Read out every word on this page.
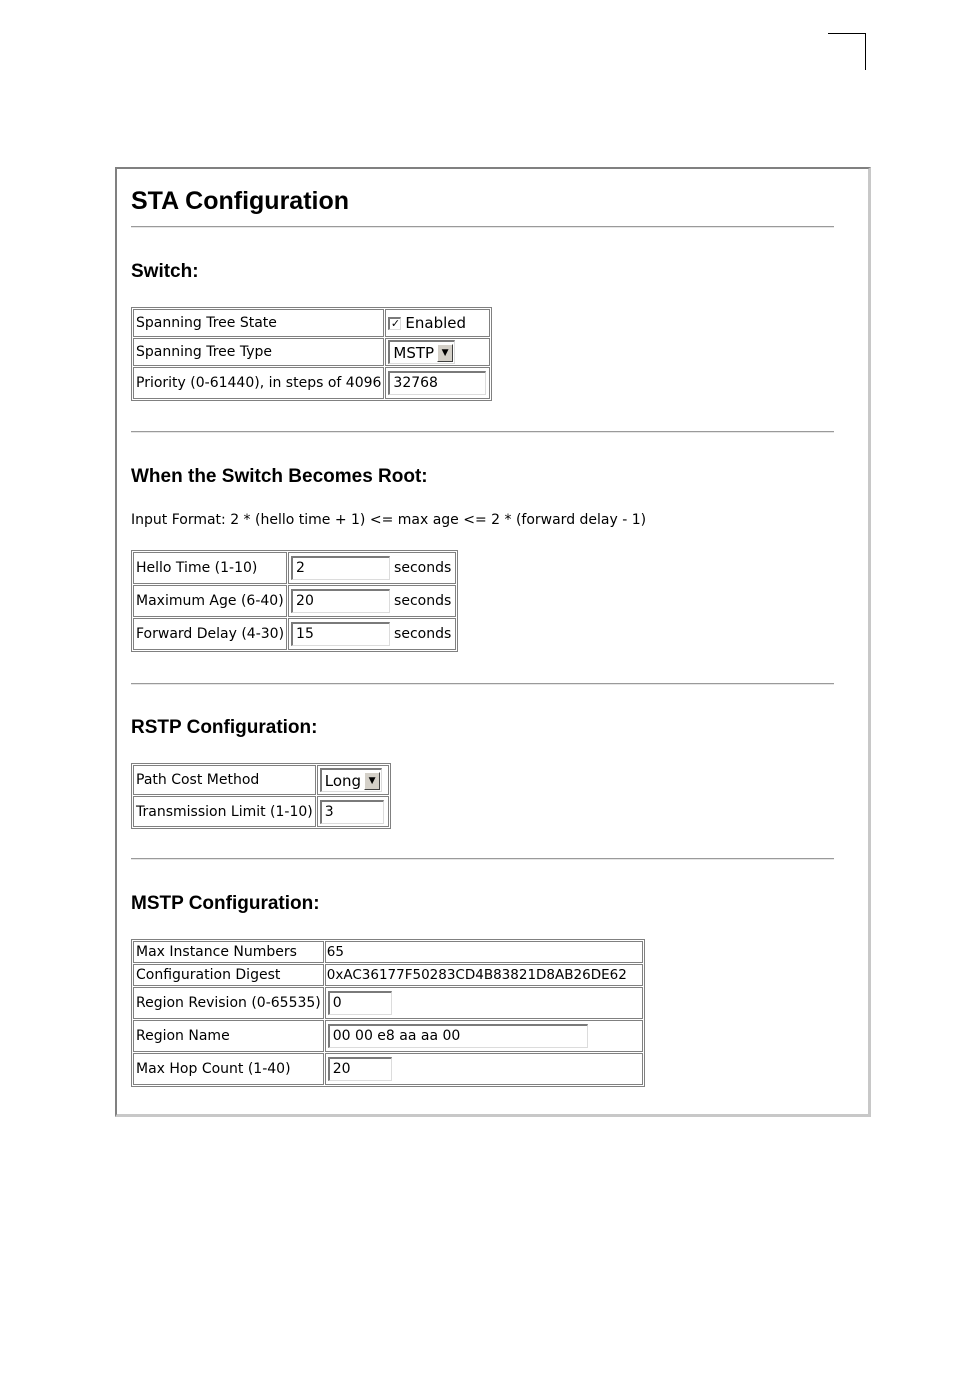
STA Configuration
Switch:
Spanning Tree State	✓ Enabled
Spanning Tree Type	MSTP ▼

Priority (0-61440), in steps of 4096	32768
When the Switch Becomes Root:
Input Format: 2 * (hello time + 1) <= max age <= 2 * (forward delay - 1)
Hello Time (1-10)	2 seconds
Maximum Age (6-40)	20 seconds
Forward Delay (4-30)	15 seconds
RSTP Configuration:
Path Cost Method	Long ▼

Transmission Limit (1-10)	3
MSTP Configuration:
Max Instance Numbers	65
Configuration Digest	0xAC36177F50283CD4B83821D8AB26DE62
Region Revision (0-65535)	0
Region Name	00 00 e8 aa aa 00
Max Hop Count (1-40)	20
